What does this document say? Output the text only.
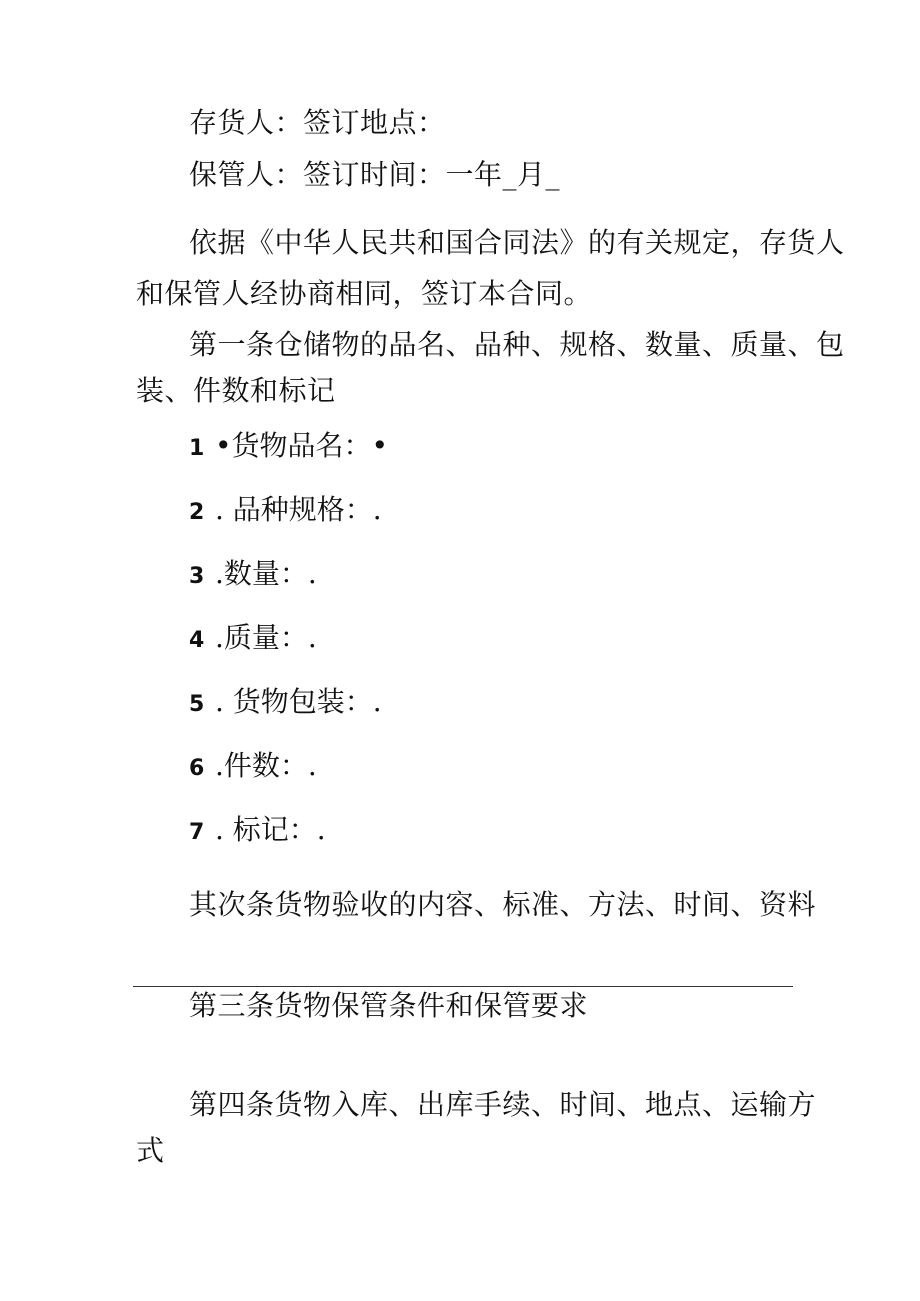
存货人：签订地点：
保管人：签订时间：一年_月_
依据《中华人民共和国合同法》的有关规定，存货人
和保管人经协商相同，签订本合同。
第一条仓储物的品名、品种、规格、数量、质量、包
装、件数和标记
1 •货物品名：•
2 . 品种规格：.
3 .数量：.
4 .质量：.
5 . 货物包装：.
6 .件数：.
7 . 标记：.
其次条货物验收的内容、标准、方法、时间、资料
第三条货物保管条件和保管要求
第四条货物入库、出库手续、时间、地点、运输方
式
